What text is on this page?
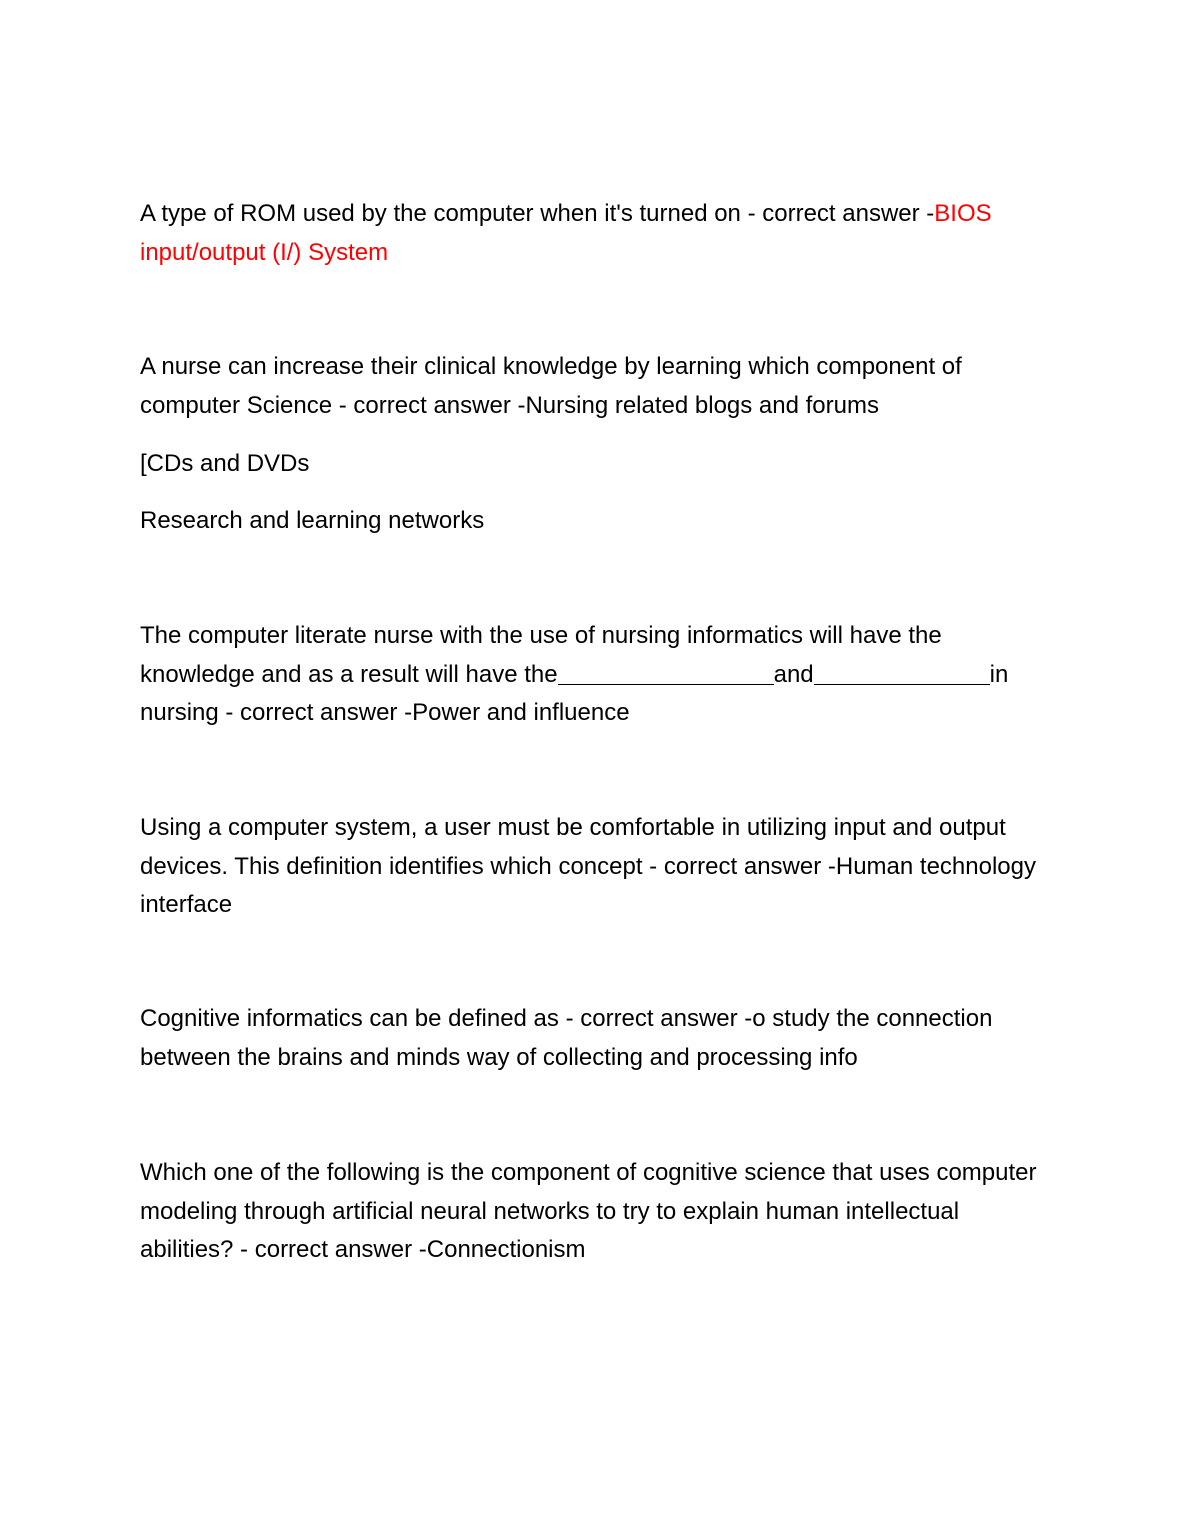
A type of ROM used by the computer when it's turned on - correct answer -BIOS input/output (I/) System

A nurse can increase their clinical knowledge by learning which component of computer Science - correct answer -Nursing related blogs and forums

[CDs and DVDs

Research and learning networks

The computer literate nurse with the use of nursing informatics will have the knowledge and as a result will have the	and	in nursing - correct answer -Power and influence

Using a computer system, a user must be comfortable in utilizing input and output devices. This definition identifies which concept - correct answer -Human technology interface

Cognitive informatics can be defined as - correct answer -o study the connection between the brains and minds way of collecting and processing info

Which one of the following is the component of cognitive science that uses computer modeling through artificial neural networks to try to explain human intellectual abilities? - correct answer -Connectionism
